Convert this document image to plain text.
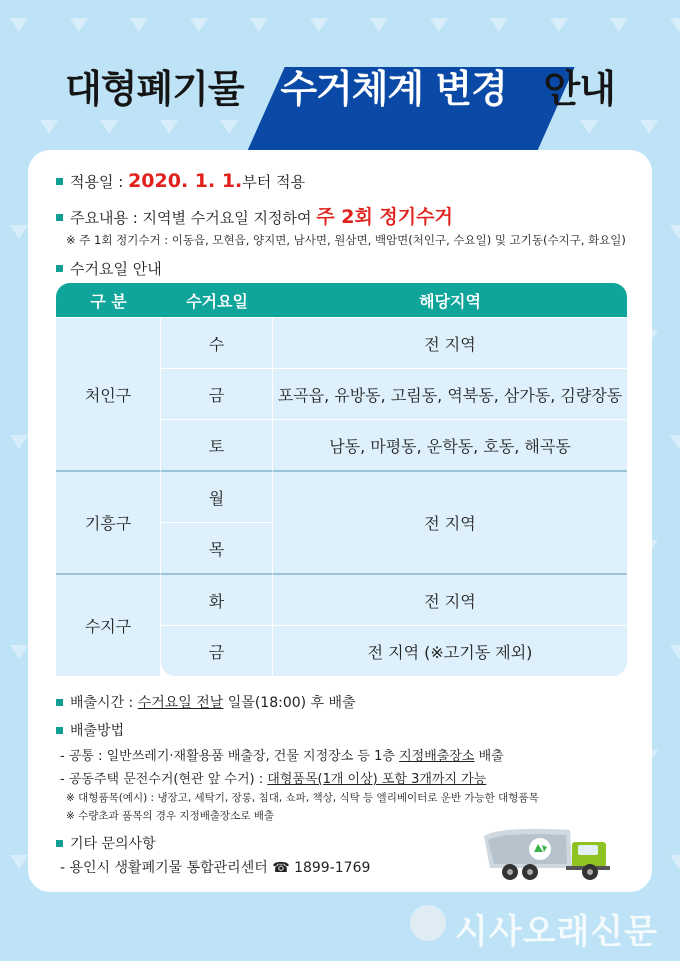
대형폐기물 수거체계 변경 안내
적용일 : 2020. 1. 1.부터 적용
주요내용 : 지역별 수거요일 지정하여 주 2회 정기수거
※ 주 1회 정기수거 : 이동읍, 모현읍, 양지면, 남사면, 원삼면, 백암면(처인구, 수요일) 및 고기동(수지구, 화요일)
수거요일 안내
구 분	수거요일	해당지역
처인구	수	전 지역
	금	포곡읍, 유방동, 고림동, 역북동, 삼가동, 김량장동
	토	남동, 마평동, 운학동, 호동, 해곡동
기흥구	월	전 지역
	목	
수지구	화	전 지역
	금	전 지역 (※고기동 제외)
배출시간 : 수거요일 전날 일몰(18:00) 후 배출
배출방법
- 공통 : 일반쓰레기·재활용품 배출장, 건물 지정장소 등 1층 지정배출장소 배출
- 공동주택 문전수거(현관 앞 수거) : 대형품목(1개 이상) 포함 3개까지 가능
※ 대형품목(예시) : 냉장고, 세탁기, 장롱, 침대, 쇼파, 책상, 식탁 등 엘리베이터로 운반 가능한 대형품목
※ 수량초과 품목의 경우 지정배출장소로 배출
기타 문의사항
- 용인시 생활폐기물 통합관리센터 ☎ 1899-1769
시사오래신문
